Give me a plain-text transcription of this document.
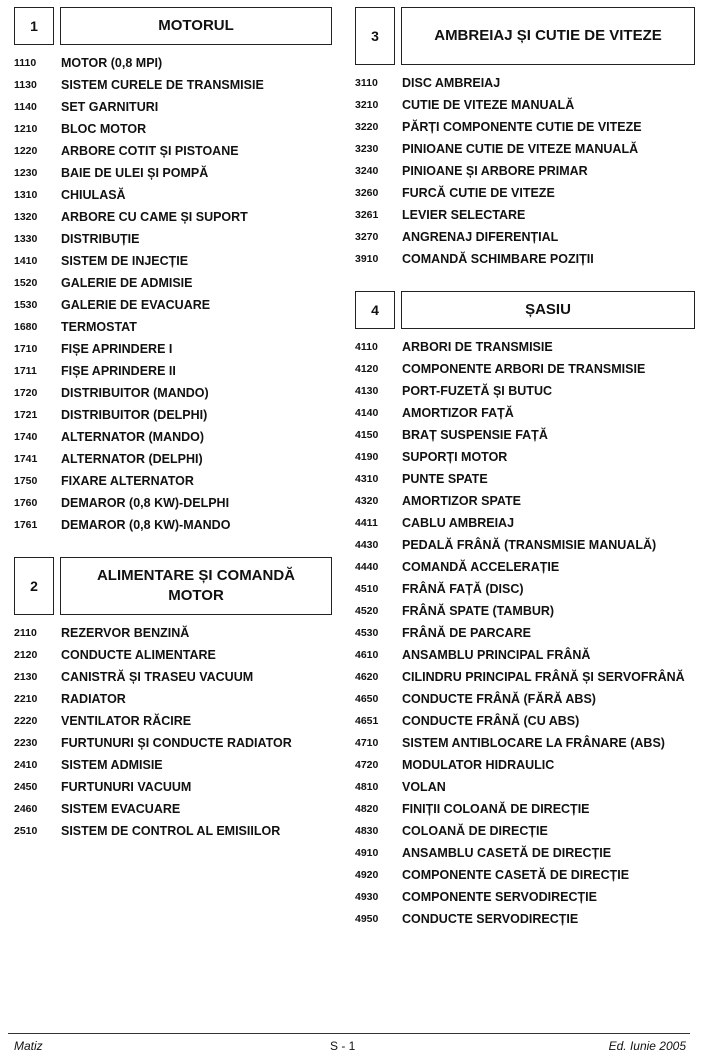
1	MOTORUL
1110	MOTOR (0,8 MPI)
1130	SISTEM CURELE DE TRANSMISIE
1140	SET GARNITURI
1210	BLOC MOTOR
1220	ARBORE COTIT ȘI PISTOANE
1230	BAIE DE ULEI ȘI POMPĂ
1310	CHIULASĂ
1320	ARBORE CU CAME ȘI SUPORT
1330	DISTRIBUȚIE
1410	SISTEM DE INJECȚIE
1520	GALERIE DE ADMISIE
1530	GALERIE DE EVACUARE
1680	TERMOSTAT
1710	FIȘE APRINDERE I
1711	FIȘE APRINDERE II
1720	DISTRIBUITOR (MANDO)
1721	DISTRIBUITOR (DELPHI)
1740	ALTERNATOR (MANDO)
1741	ALTERNATOR (DELPHI)
1750	FIXARE ALTERNATOR
1760	DEMAROR (0,8 KW)-DELPHI
1761	DEMAROR (0,8 KW)-MANDO
2
ALIMENTARE ȘI COMANDĂ MOTOR
2110	REZERVOR BENZINĂ
2120	CONDUCTE ALIMENTARE
2130	CANISTRĂ ȘI TRASEU VACUUM
2210	RADIATOR
2220	VENTILATOR RĂCIRE
2230	FURTUNURI ȘI CONDUCTE RADIATOR
2410	SISTEM ADMISIE
2450	FURTUNURI VACUUM
2460	SISTEM EVACUARE
2510	SISTEM DE CONTROL AL EMISIILOR
3	AMBREIAJ ȘI CUTIE DE VITEZE
3110	DISC AMBREIAJ
3210	CUTIE DE VITEZE MANUALĂ
3220	PĂRȚI COMPONENTE CUTIE DE VITEZE
3230	PINIOANE CUTIE DE VITEZE MANUALĂ
3240	PINIOANE ȘI ARBORE PRIMAR
3260	FURCĂ CUTIE DE VITEZE
3261	LEVIER SELECTARE
3270	ANGRENAJ DIFERENȚIAL
3910	COMANDĂ SCHIMBARE POZIȚII
4	ȘASIU
4110	ARBORI DE TRANSMISIE
4120	COMPONENTE ARBORI DE TRANSMISIE
4130	PORT-FUZETĂ ȘI BUTUC
4140	AMORTIZOR FAȚĂ
4150	BRAȚ SUSPENSIE FAȚĂ
4190	SUPORȚI MOTOR
4310	PUNTE SPATE
4320	AMORTIZOR SPATE
4411	CABLU AMBREIAJ
4430	PEDALĂ FRÂNĂ (TRANSMISIE MANUALĂ)
4440	COMANDĂ ACCELERAȚIE
4510	FRÂNĂ FAȚĂ (DISC)
4520	FRÂNĂ SPATE (TAMBUR)
4530	FRÂNĂ DE PARCARE
4610	ANSAMBLU PRINCIPAL FRÂNĂ
4620	CILINDRU PRINCIPAL FRÂNĂ ȘI SERVOFRÂNĂ
4650	CONDUCTE FRÂNĂ (FĂRĂ ABS)
4651	CONDUCTE FRÂNĂ (CU ABS)
4710	SISTEM ANTIBLOCARE LA FRÂNARE (ABS)
4720	MODULATOR HIDRAULIC
4810	VOLAN
4820	FINIȚII COLOANĂ DE DIRECȚIE
4830	COLOANĂ DE DIRECȚIE
4910	ANSAMBLU CASETĂ DE DIRECȚIE
4920	COMPONENTE CASETĂ DE DIRECȚIE
4930	COMPONENTE SERVODIRECȚIE
4950	CONDUCTE SERVODIRECȚIE
Matiz	S - 1	Ed. Iunie 2005
